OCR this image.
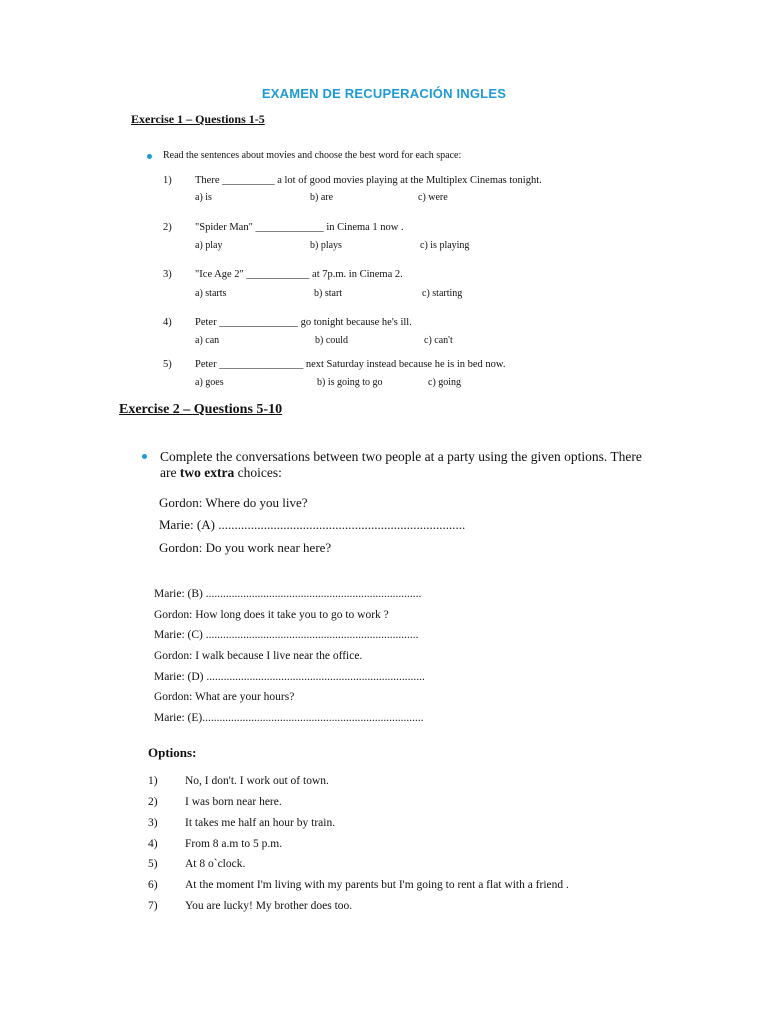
EXAMEN DE RECUPERACIÓN INGLES
Exercise 1 – Questions 1-5
Read the sentences about movies and choose the best word for each space:
1) There __________ a lot of good movies playing at the Multiplex Cinemas tonight.
a) is	b) are	c) were
2) "Spider Man" _____________ in Cinema 1 now .
a) play	b) plays	c) is playing
3) "Ice Age 2" ____________ at 7p.m. in Cinema 2.
a) starts	b) start	c) starting
4) Peter _______________ go tonight because he's ill.
a) can	b) could	c) can't
5) Peter ________________ next Saturday instead because he is in bed now.
a) goes	b) is going to go	c) going
Exercise 2 – Questions 5-10
Complete the conversations between two people at a party using the given options. There
are two extra choices:
Gordon: Where do you live?
Marie: (A) ............................................................................
Gordon: Do you work near here?
Marie: (B) ...........................................................................
Gordon: How long does it take you to go to work ?
Marie: (C) ..........................................................................
Gordon: I walk because I live near the office.
Marie: (D) ............................................................................
Gordon: What are your hours?
Marie: (E).............................................................................
Options:
1) No, I don't. I work out of town.
2) I was born near here.
3) It takes me half an hour by train.
4) From 8 a.m to 5 p.m.
5) At 8 o`clock.
6) At the moment I'm living with my parents but I'm going to rent a flat with a friend .
7) You are lucky! My brother does too.
